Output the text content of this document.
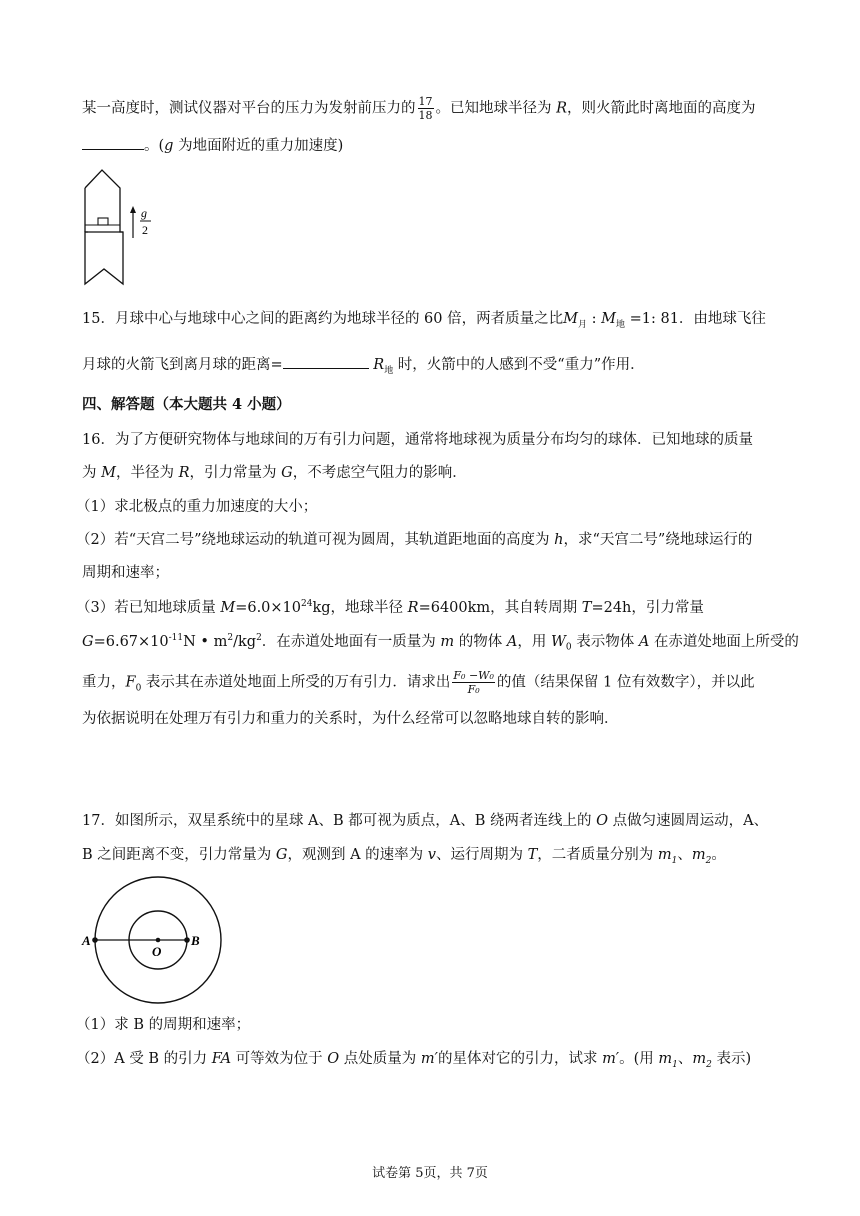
某一高度时，测试仪器对平台的压力为发射前压力的 $\frac{17}{18}$ 。已知地球半径为 R，则火箭此时离地面的高度为
。(g 为地面附近的重力加速度)
g
2
15．月球中心与地球中心之间的距离约为地球半径的 60 倍，两者质量之比$M_月$ : $M_地 =1$: 81．由地球飞往
月球的火箭飞到离月球的距离=	$R_地$ 时，火箭中的人感到不受“重力”作用．
四、解答题（本大题共 4 小题）
16．为了方便研究物体与地球间的万有引力问题，通常将地球视为质量分布均匀的球体．已知地球的质量
为 M，半径为 R，引力常量为 G，不考虑空气阻力的影响．
（1）求北极点的重力加速度的大小；
（2）若“天宫二号”绕地球运动的轨道可视为圆周，其轨道距地面的高度为 h，求“天宫二号”绕地球运行的
周期和速率；
（3）若已知地球质量 $M=6.0\times 10^{24}kg$，地球半径 R=6400km，其自转周期 T=24h，引力常量
$G=6.67\times 10^{-11}N$ • $m^2/kg^2$．在赤道处地面有一质量为 m 的物体 A，用 $W_0$ 表示物体 A 在赤道处地面上所受的
重力，$F_0$ 表示其在赤道处地面上所受的万有引力．请求出 $\frac{\text{F₀ −W₀}}{\text{F₀}}$ 的值（结果保留 1 位有效数字），并以此
为依据说明在处理万有引力和重力的关系时，为什么经常可以忽略地球自转的影响．
17．如图所示，双星系统中的星球 A、B 都可视为质点，A、B 绕两者连线上的 O 点做匀速圆周运动，A、
B 之间距离不变，引力常量为 G，观测到 A 的速率为 v、运行周期为 T，二者质量分别为 $m_1$、$m_2$。
A
O
B
（1）求 B 的周期和速率；
（2）A 受 B 的引力 FA 可等效为位于 O 点处质量为 m′的星体对它的引力，试求 m′。(用 $m_1$、$m_2$ 表示)
试卷第 5页，共 7页
